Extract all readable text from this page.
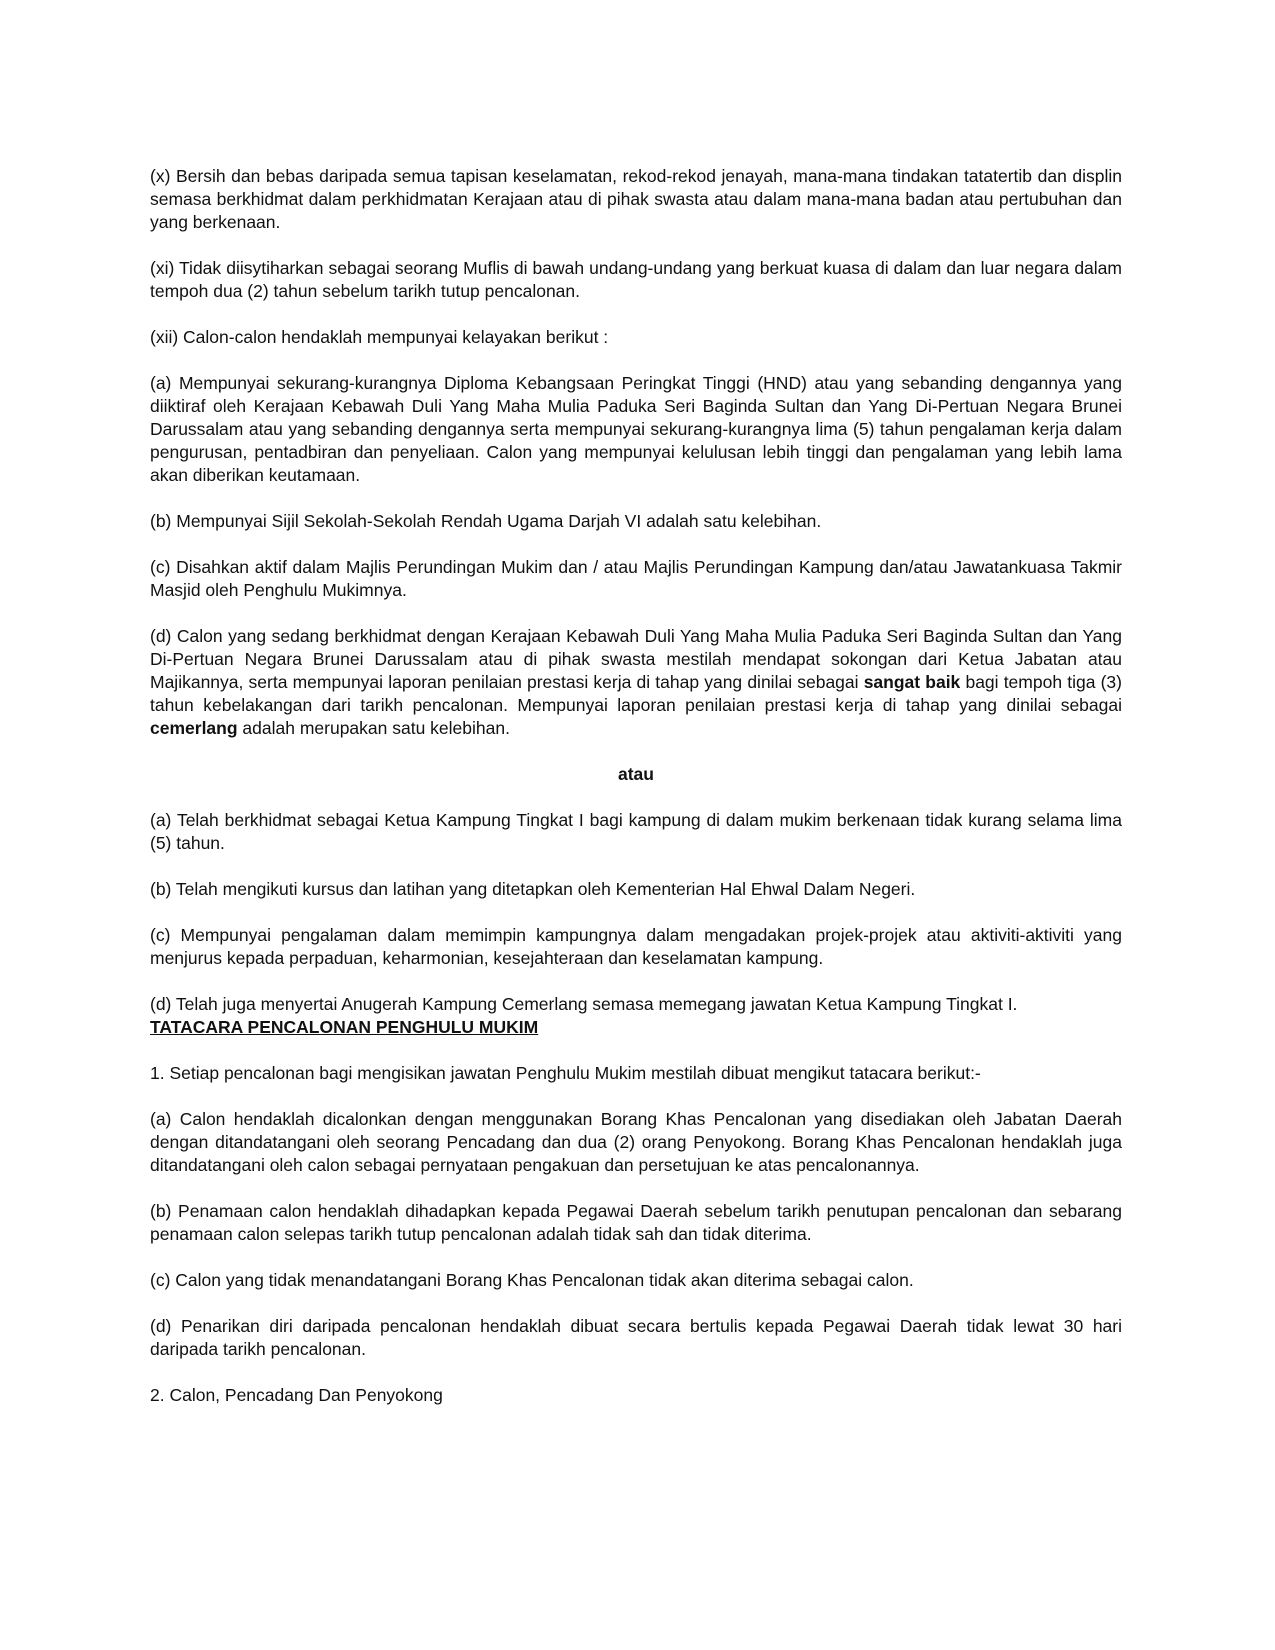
(x) Bersih dan bebas daripada semua tapisan keselamatan, rekod-rekod jenayah, mana-mana tindakan tatatertib dan displin semasa berkhidmat dalam perkhidmatan Kerajaan atau di pihak swasta atau dalam mana-mana badan atau pertubuhan dan yang berkenaan.

(xi) Tidak diisytiharkan sebagai seorang Muflis di bawah undang-undang yang berkuat kuasa di dalam dan luar negara dalam tempoh dua (2) tahun sebelum tarikh tutup pencalonan.

(xii) Calon-calon hendaklah mempunyai kelayakan berikut :

(a) Mempunyai sekurang-kurangnya Diploma Kebangsaan Peringkat Tinggi (HND) atau yang sebanding dengannya yang diiktiraf oleh Kerajaan Kebawah Duli Yang Maha Mulia Paduka Seri Baginda Sultan dan Yang Di-Pertuan Negara Brunei Darussalam atau yang sebanding dengannya serta mempunyai sekurang-kurangnya lima (5) tahun pengalaman kerja dalam pengurusan, pentadbiran dan penyeliaan. Calon yang mempunyai kelulusan lebih tinggi dan pengalaman yang lebih lama akan diberikan keutamaan.

(b) Mempunyai Sijil Sekolah-Sekolah Rendah Ugama Darjah VI adalah satu kelebihan.

(c) Disahkan aktif dalam Majlis Perundingan Mukim dan / atau Majlis Perundingan Kampung dan/atau Jawatankuasa Takmir Masjid oleh Penghulu Mukimnya.

(d) Calon yang sedang berkhidmat dengan Kerajaan Kebawah Duli Yang Maha Mulia Paduka Seri Baginda Sultan dan Yang Di-Pertuan Negara Brunei Darussalam atau di pihak swasta mestilah mendapat sokongan dari Ketua Jabatan atau Majikannya, serta mempunyai laporan penilaian prestasi kerja di tahap yang dinilai sebagai sangat baik bagi tempoh tiga (3) tahun kebelakangan dari tarikh pencalonan. Mempunyai laporan penilaian prestasi kerja di tahap yang dinilai sebagai cemerlang adalah merupakan satu kelebihan.

atau

(a) Telah berkhidmat sebagai Ketua Kampung Tingkat I bagi kampung di dalam mukim berkenaan tidak kurang selama lima (5) tahun.

(b) Telah mengikuti kursus dan latihan yang ditetapkan oleh Kementerian Hal Ehwal Dalam Negeri.

(c) Mempunyai pengalaman dalam memimpin kampungnya dalam mengadakan projek-projek atau aktiviti-aktiviti yang menjurus kepada perpaduan, keharmonian, kesejahteraan dan keselamatan kampung.

(d) Telah juga menyertai Anugerah Kampung Cemerlang semasa memegang jawatan Ketua Kampung Tingkat I.

TATACARA PENCALONAN PENGHULU MUKIM

1. Setiap pencalonan bagi mengisikan jawatan Penghulu Mukim mestilah dibuat mengikut tatacara berikut:-

(a) Calon hendaklah dicalonkan dengan menggunakan Borang Khas Pencalonan yang disediakan oleh Jabatan Daerah dengan ditandatangani oleh seorang Pencadang dan dua (2) orang Penyokong. Borang Khas Pencalonan hendaklah juga ditandatangani oleh calon sebagai pernyataan pengakuan dan persetujuan ke atas pencalonannya.

(b) Penamaan calon hendaklah dihadapkan kepada Pegawai Daerah sebelum tarikh penutupan pencalonan dan sebarang penamaan calon selepas tarikh tutup pencalonan adalah tidak sah dan tidak diterima.

(c) Calon yang tidak menandatangani Borang Khas Pencalonan tidak akan diterima sebagai calon.

(d) Penarikan diri daripada pencalonan hendaklah dibuat secara bertulis kepada Pegawai Daerah tidak lewat 30 hari daripada tarikh pencalonan.

2. Calon, Pencadang Dan Penyokong
